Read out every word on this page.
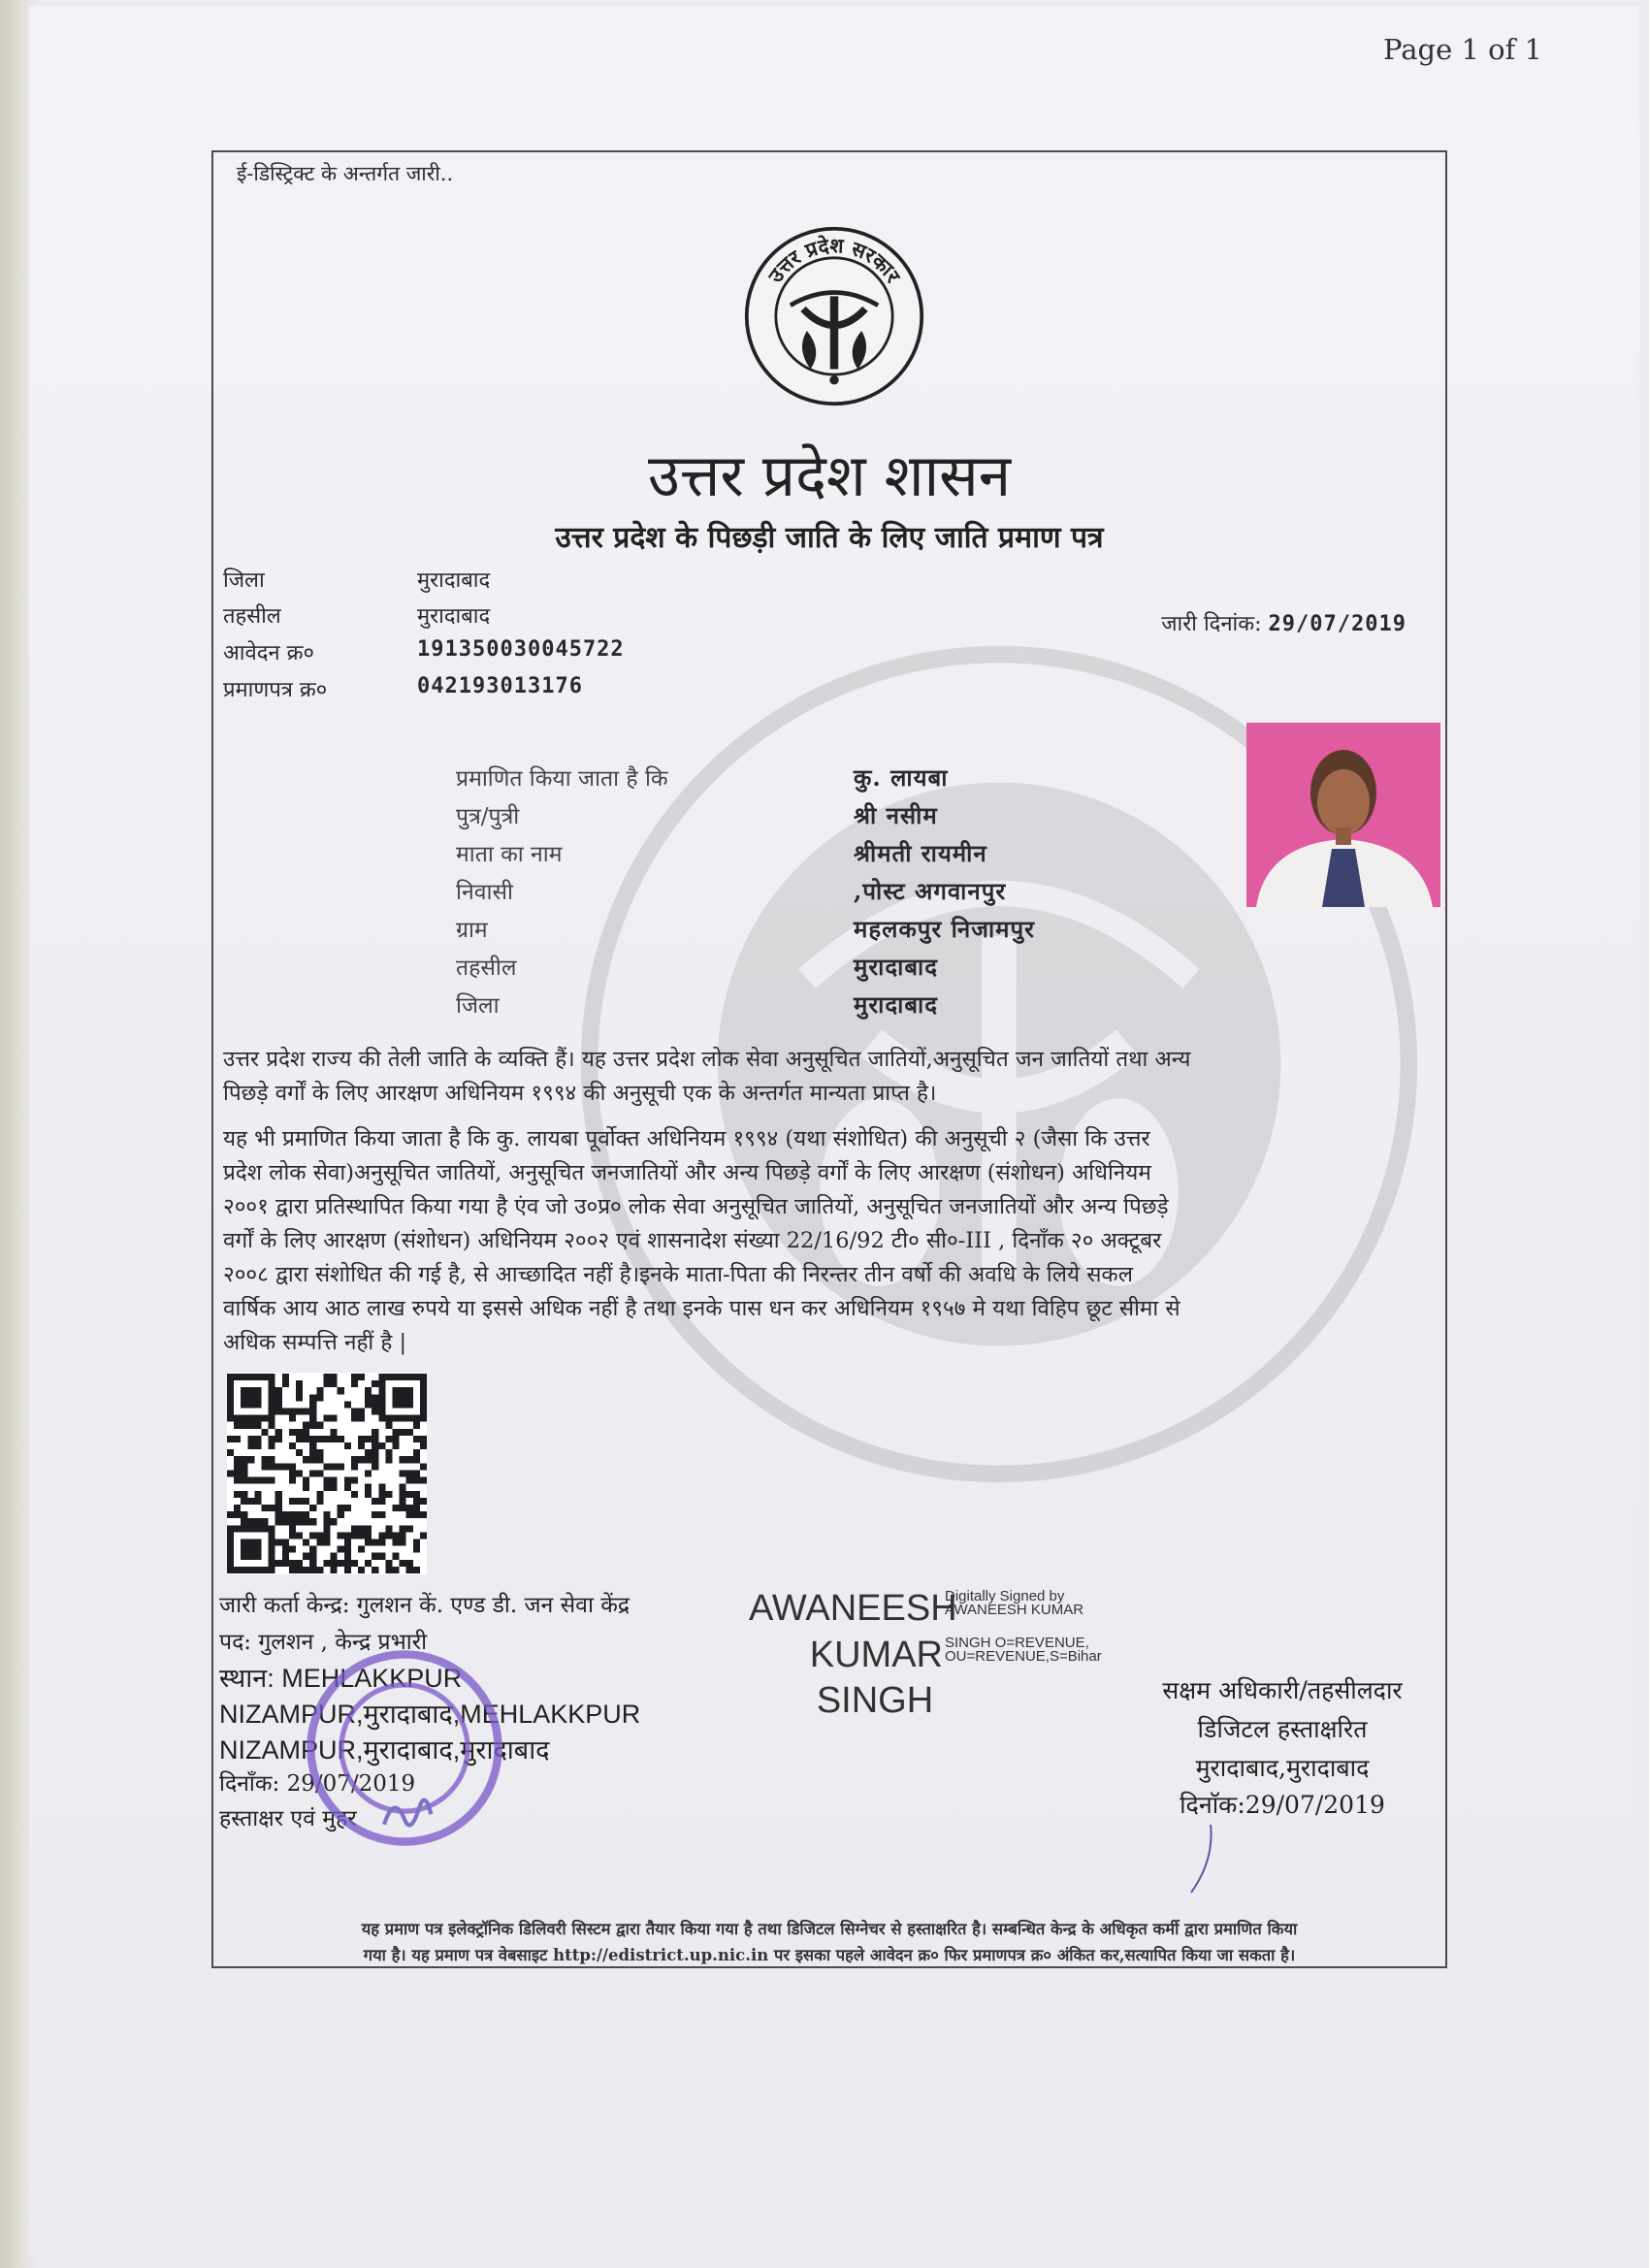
Page 1 of 1
ई-डिस्ट्रिक्ट के अन्तर्गत जारी..
उत्तर प्रदेश सरकार
उत्तर प्रदेश शासन
उत्तर प्रदेश के पिछड़ी जाति के लिए जाति प्रमाण पत्र
जिला	मुरादाबाद
तहसील	मुरादाबाद
आवेदन क्र०	191350030045722
प्रमाणपत्र क्र०	042193013176
जारी दिनांक: 29/07/2019
प्रमाणित किया जाता है कि	कु. लायबा
पुत्र/पुत्री	श्री नसीम
माता का नाम	श्रीमती रायमीन
निवासी	,पोस्ट अगवानपुर
ग्राम	महलकपुर निजामपुर
तहसील	मुरादाबाद
जिला	मुरादाबाद
उत्तर प्रदेश राज्य की तेली जाति के व्यक्ति हैं। यह उत्तर प्रदेश लोक सेवा अनुसूचित जातियों,अनुसूचित जन जातियों तथा अन्य
पिछड़े वर्गों के लिए आरक्षण अधिनियम १९९४ की अनुसूची एक के अन्तर्गत मान्यता प्राप्त है।
यह भी प्रमाणित किया जाता है कि कु. लायबा पूर्वोक्त अधिनियम १९९४ (यथा संशोधित) की अनुसूची २ (जैसा कि उत्तर
प्रदेश लोक सेवा)अनुसूचित जातियों, अनुसूचित जनजातियों और अन्य पिछड़े वर्गों के लिए आरक्षण (संशोधन) अधिनियम
२००१ द्वारा प्रतिस्थापित किया गया है एंव जो उ०प्र० लोक सेवा अनुसूचित जातियों, अनुसूचित जनजातियों और अन्य पिछड़े
वर्गों के लिए आरक्षण (संशोधन) अधिनियम २००२ एवं शासनादेश संख्या 22/16/92 टी० सी०-III , दिनाँक २० अक्टूबर
२००८ द्वारा संशोधित की गई है, से आच्छादित नहीं है।इनके माता-पिता की निरन्तर तीन वर्षो की अवधि के लिये सकल
वार्षिक आय आठ लाख रुपये या इससे अधिक नहीं है तथा इनके पास धन कर अधिनियम १९५७ मे यथा विहिप छूट सीमा से
अधिक सम्पत्ति नहीं है |
जारी कर्ता केन्द्र: गुलशन कें. एण्ड डी. जन सेवा केंद्र
पद: गुलशन , केन्द्र प्रभारी
स्थान: MEHLAKKPUR
NIZAMPUR,मुरादाबाद,MEHLAKKPUR
NIZAMPUR,मुरादाबाद,मुरादाबाद
दिनाँक: 29/07/2019
हस्ताक्षर एवं मुहर
AWANEESH
KUMAR
SINGH
Digitally Signed by
AWANEESH KUMAR
SINGH O=REVENUE,
OU=REVENUE,S=Bihar
सक्षम अधिकारी/तहसीलदार
डिजिटल हस्ताक्षरित
मुरादाबाद,मुरादाबाद
दिनाॅक:29/07/2019
यह प्रमाण पत्र इलेक्ट्रॉनिक डिलिवरी सिस्टम द्वारा तैयार किया गया है तथा डिजिटल सिग्नेचर से हस्ताक्षरित है। सम्बन्धित केन्द्र के अधिकृत कर्मी द्वारा प्रमाणित किया
गया है। यह प्रमाण पत्र वेबसाइट http://edistrict.up.nic.in पर इसका पहले आवेदन क्र० फिर प्रमाणपत्र क्र० अंकित कर,सत्यापित किया जा सकता है।
